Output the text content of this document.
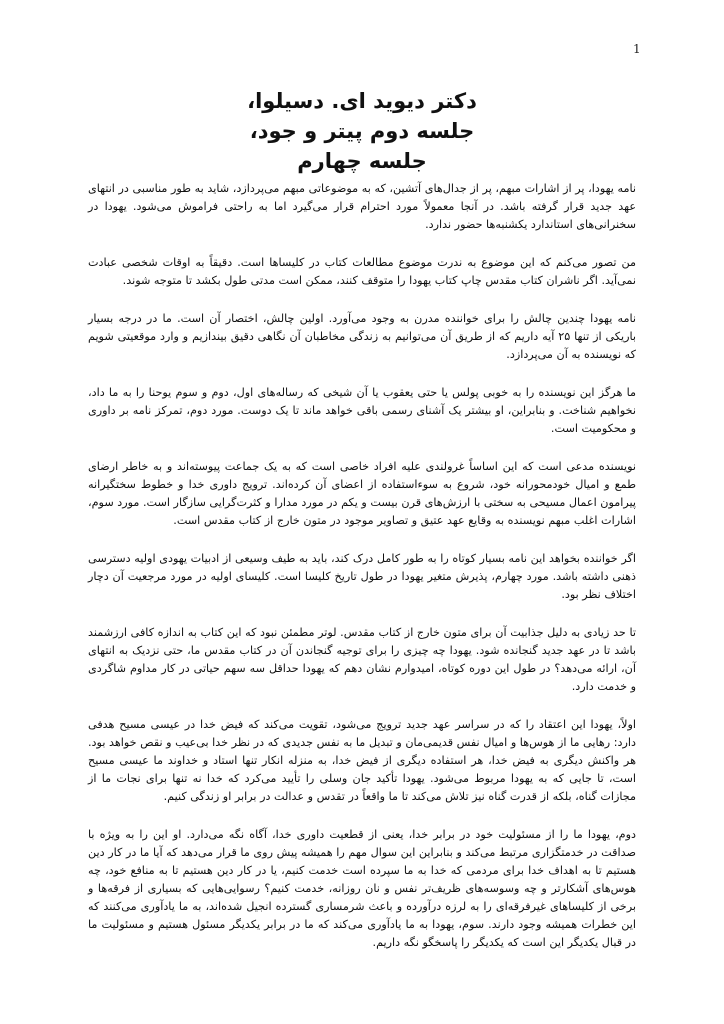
1

دکتر دیوید ای. دسیلوا،

جلسه دوم پیتر و جود،

جلسه چهارم

نامه یهودا، پر از اشارات مبهم، پر از جدال‌های آتشین، که به موضوعاتی مبهم می‌پردازد، شاید به طور مناسبی در انتهای عهد جدید قرار گرفته باشد. در آنجا معمولاً مورد احترام قرار می‌گیرد اما به راحتی فراموش می‌شود. یهودا در سخنرانی‌های استاندارد یکشنبه‌ها حضور ندارد.

من تصور می‌کنم که این موضوع به ندرت موضوع مطالعات کتاب در کلیساها است. دقیقاً به اوقات شخصی عبادت نمی‌آید. اگر ناشران کتاب مقدس چاپ کتاب یهودا را متوقف کنند، ممکن است مدتی طول بکشد تا متوجه شوند.

نامه یهودا چندین چالش را برای خواننده مدرن به وجود می‌آورد. اولین چالش، اختصار آن است. ما در درجه بسیار باریکی از تنها ۲۵ آیه داریم که از طریق آن می‌توانیم به زندگی مخاطبان آن نگاهی دقیق بیندازیم و وارد موقعیتی شویم که نویسنده به آن می‌پردازد.

ما هرگز این نویسنده را به خوبی پولس یا حتی یعقوب یا آن شیخی که رساله‌های اول، دوم و سوم یوحنا را به ما داد، نخواهیم شناخت. و بنابراین، او بیشتر یک آشنای رسمی باقی خواهد ماند تا یک دوست. مورد دوم، تمرکز نامه بر داوری و محکومیت است.

نویسنده مدعی است که این اساساً غرولندی علیه افراد خاصی است که به یک جماعت پیوسته‌اند و به خاطر ارضای طمع و امیال خودمحورانه خود، شروع به سوءاستفاده از اعضای آن کرده‌اند. ترویج داوری خدا و خطوط سختگیرانه پیرامون اعمال مسیحی به سختی با ارزش‌های قرن بیست و یکم در مورد مدارا و کثرت‌گرایی سازگار است. مورد سوم، اشارات اغلب مبهم نویسنده به وقایع عهد عتیق و تصاویر موجود در متون خارج از کتاب مقدس است.

اگر خواننده بخواهد این نامه بسیار کوتاه را به طور کامل درک کند، باید به طیف وسیعی از ادبیات یهودی اولیه دسترسی ذهنی داشته باشد. مورد چهارم، پذیرش متغیر یهودا در طول تاریخ کلیسا است. کلیسای اولیه در مورد مرجعیت آن دچار اختلاف نظر بود.

تا حد زیادی به دلیل جذابیت آن برای متون خارج از کتاب مقدس. لوتر مطمئن نبود که این کتاب به اندازه کافی ارزشمند باشد تا در عهد جدید گنجانده شود. یهودا چه چیزی را برای توجیه گنجاندن آن در کتاب مقدس ما، حتی نزدیک به انتهای آن، ارائه می‌دهد؟ در طول این دوره کوتاه، امیدوارم نشان دهم که یهودا حداقل سه سهم حیاتی در کار مداوم شاگردی و خدمت دارد.

اولاً، یهودا این اعتقاد را که در سراسر عهد جدید ترویج می‌شود، تقویت می‌کند که فیض خدا در عیسی مسیح هدفی دارد: رهایی ما از هوس‌ها و امیال نفس قدیمی‌مان و تبدیل ما به نفس جدیدی که در نظر خدا بی‌عیب و نقص خواهد بود. هر واکنش دیگری به فیض خدا، هر استفاده دیگری از فیض خدا، به منزله انکار تنها استاد و خداوند ما عیسی مسیح است، تا جایی که به یهودا مربوط می‌شود. یهودا تأکید جان وسلی را تأیید می‌کرد که خدا نه تنها برای نجات ما از مجازات گناه، بلکه از قدرت گناه نیز تلاش می‌کند تا ما واقعاً در تقدس و عدالت در برابر او زندگی کنیم.

دوم، یهودا ما را از مسئولیت خود در برابر خدا، یعنی از قطعیت داوری خدا، آگاه نگه می‌دارد. او این را به ویژه با صداقت در خدمتگزاری مرتبط می‌کند و بنابراین این سوال مهم را همیشه پیش روی ما قرار می‌دهد که آیا ما در کار دین هستیم تا به اهداف خدا برای مردمی که خدا به ما سپرده است خدمت کنیم، یا در کار دین هستیم تا به منافع خود، چه هوس‌های آشکارتر و چه وسوسه‌های ظریف‌تر نفس و نان روزانه، خدمت کنیم؟ رسوایی‌هایی که بسیاری از فرقه‌ها و برخی از کلیساهای غیرفرقه‌ای را به لرزه درآورده و باعث شرمساری گسترده انجیل شده‌اند، به ما یادآوری می‌کنند که این خطرات همیشه وجود دارند. سوم، یهودا به ما یادآوری می‌کند که ما در برابر یکدیگر مسئول هستیم و مسئولیت ما در قبال یکدیگر این است که یکدیگر را پاسخگو نگه داریم.
